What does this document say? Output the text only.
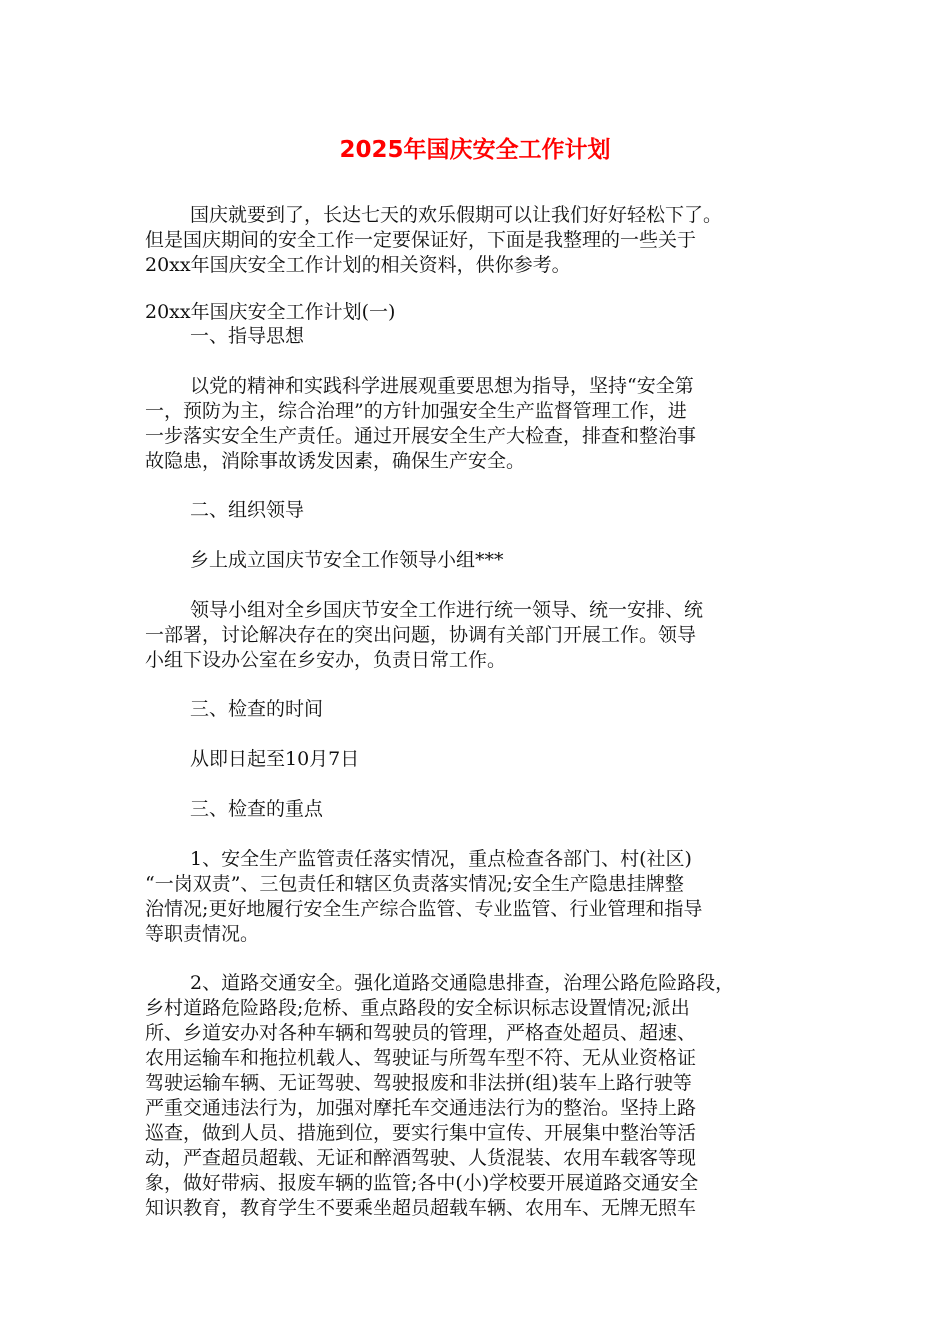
2025年国庆安全工作计划
国庆就要到了，长达七天的欢乐假期可以让我们好好轻松下了。
但是国庆期间的安全工作一定要保证好，下面是我整理的一些关于
20xx年国庆安全工作计划的相关资料，供你参考。
20xx年国庆安全工作计划(一)
一、指导思想
以党的精神和实践科学进展观重要思想为指导，坚持“安全第
一，预防为主，综合治理”的方针加强安全生产监督管理工作，进
一步落实安全生产责任。通过开展安全生产大检查，排查和整治事
故隐患，消除事故诱发因素，确保生产安全。
二、组织领导
乡上成立国庆节安全工作领导小组***
领导小组对全乡国庆节安全工作进行统一领导、统一安排、统
一部署，讨论解决存在的突出问题，协调有关部门开展工作。领导
小组下设办公室在乡安办，负责日常工作。
三、检查的时间
从即日起至10月7日
三、检查的重点
1、安全生产监管责任落实情况，重点检查各部门、村(社区)
“一岗双责”、三包责任和辖区负责落实情况;安全生产隐患挂牌整
治情况;更好地履行安全生产综合监管、专业监管、行业管理和指导
等职责情况。
2、道路交通安全。强化道路交通隐患排查，治理公路危险路段，
乡村道路危险路段;危桥、重点路段的安全标识标志设置情况;派出
所、乡道安办对各种车辆和驾驶员的管理，严格查处超员、超速、
农用运输车和拖拉机载人、驾驶证与所驾车型不符、无从业资格证
驾驶运输车辆、无证驾驶、驾驶报废和非法拼(组)装车上路行驶等
严重交通违法行为，加强对摩托车交通违法行为的整治。坚持上路
巡查，做到人员、措施到位，要实行集中宣传、开展集中整治等活
动，严查超员超载、无证和醉酒驾驶、人货混装、农用车载客等现
象，做好带病、报废车辆的监管;各中(小)学校要开展道路交通安全
知识教育，教育学生不要乘坐超员超载车辆、农用车、无牌无照车
